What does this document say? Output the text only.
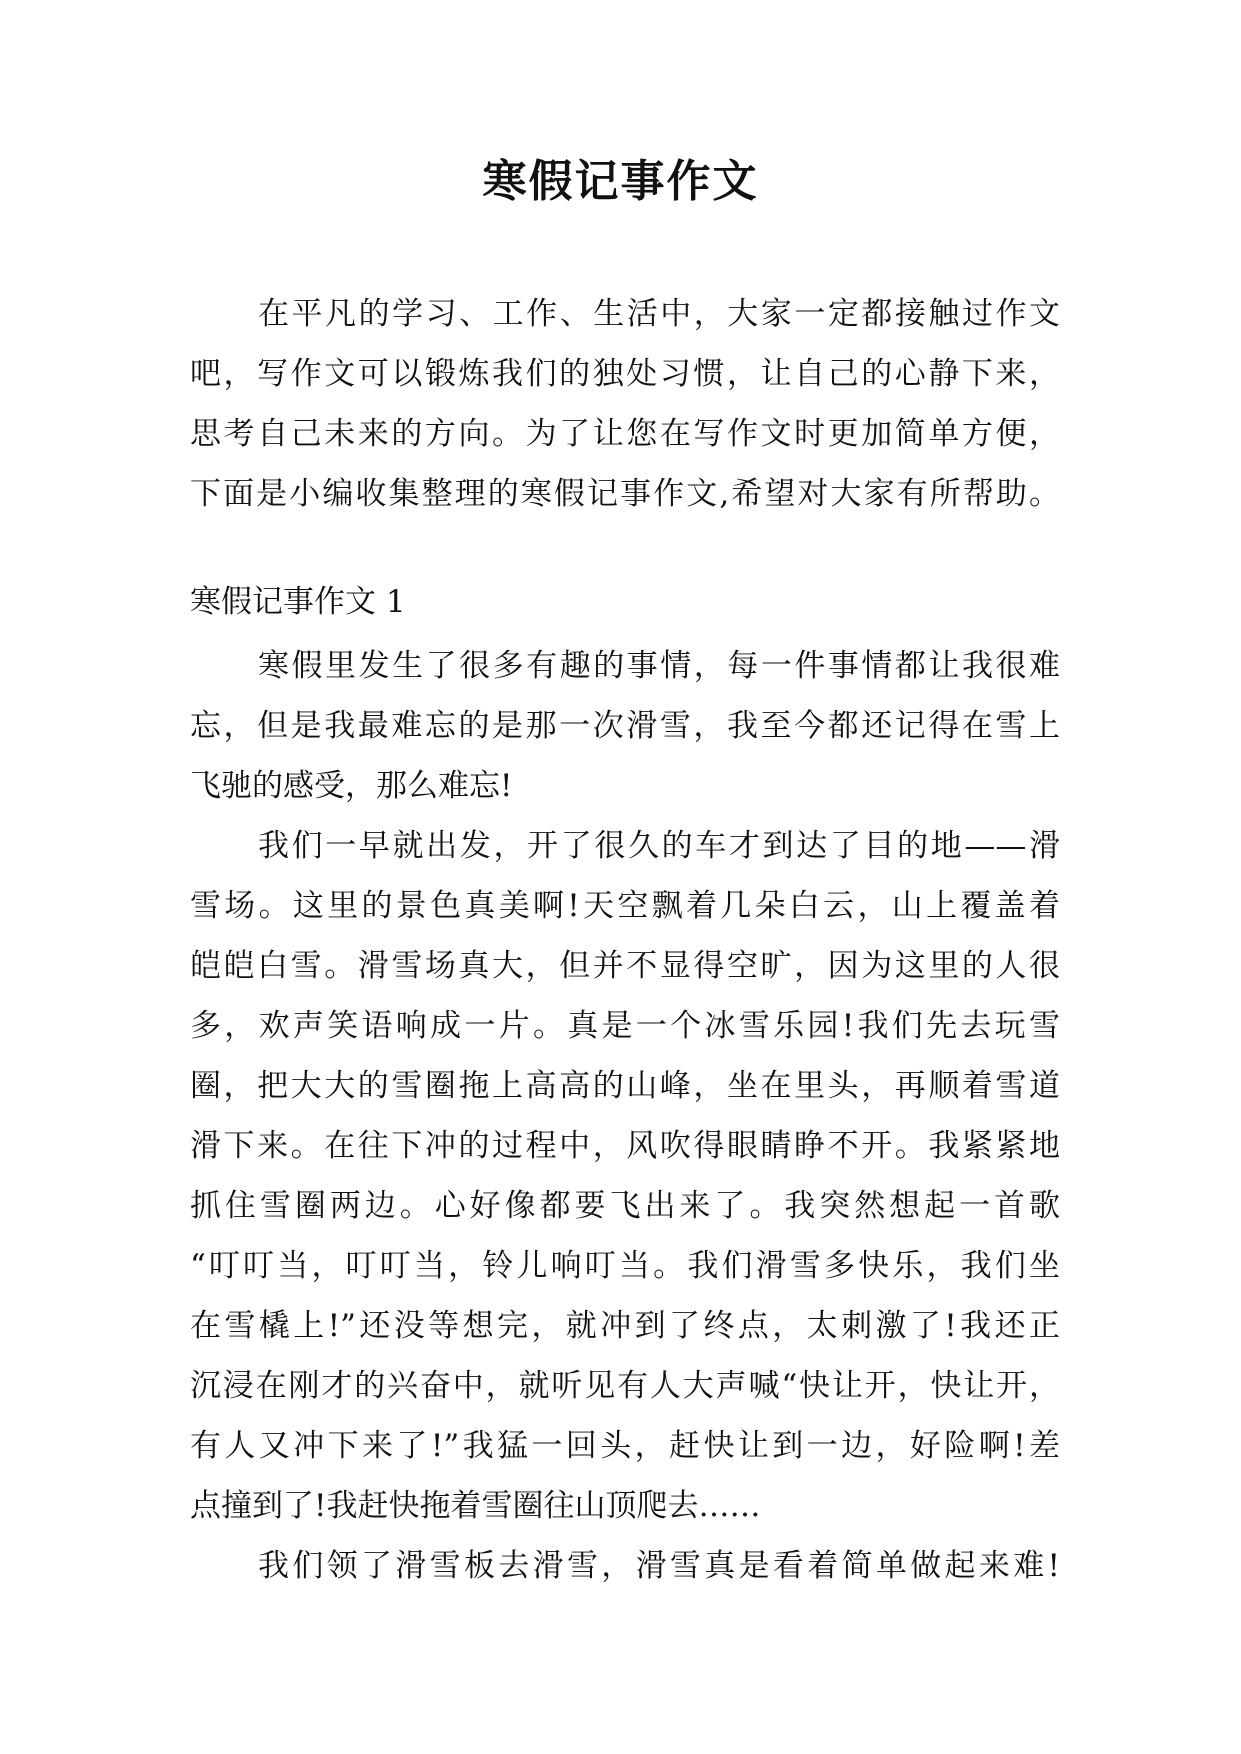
寒假记事作文
在平凡的学习、工作、生活中，大家一定都接触过作文
吧，写作文可以锻炼我们的独处习惯，让自己的心静下来，
思考自己未来的方向。为了让您在写作文时更加简单方便，
下面是小编收集整理的寒假记事作文,希望对大家有所帮助。
寒假记事作文 1
寒假里发生了很多有趣的事情，每一件事情都让我很难
忘，但是我最难忘的是那一次滑雪，我至今都还记得在雪上
飞驰的感受，那么难忘!
我们一早就出发，开了很久的车才到达了目的地——滑
雪场。这里的景色真美啊!天空飘着几朵白云，山上覆盖着
皑皑白雪。滑雪场真大，但并不显得空旷，因为这里的人很
多，欢声笑语响成一片。真是一个冰雪乐园!我们先去玩雪
圈，把大大的雪圈拖上高高的山峰，坐在里头，再顺着雪道
滑下来。在往下冲的过程中，风吹得眼睛睁不开。我紧紧地
抓住雪圈两边。心好像都要飞出来了。我突然想起一首歌
“叮叮当，叮叮当，铃儿响叮当。我们滑雪多快乐，我们坐
在雪橇上!”还没等想完，就冲到了终点，太刺激了!我还正
沉浸在刚才的兴奋中，就听见有人大声喊“快让开，快让开，
有人又冲下来了!”我猛一回头，赶快让到一边，好险啊!差
点撞到了!我赶快拖着雪圈往山顶爬去……
我们领了滑雪板去滑雪，滑雪真是看着简单做起来难!
